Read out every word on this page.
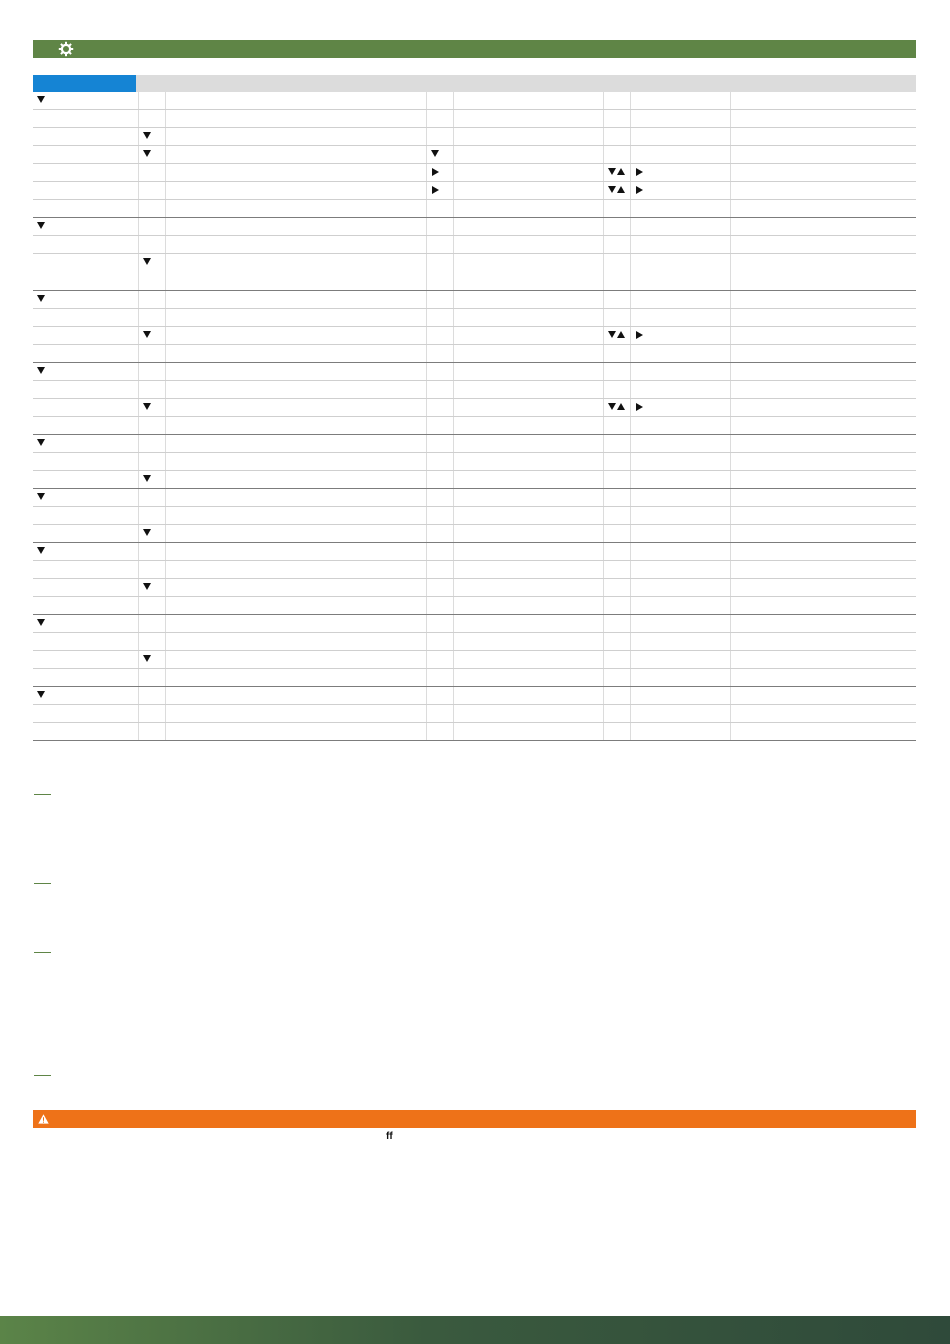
ff
